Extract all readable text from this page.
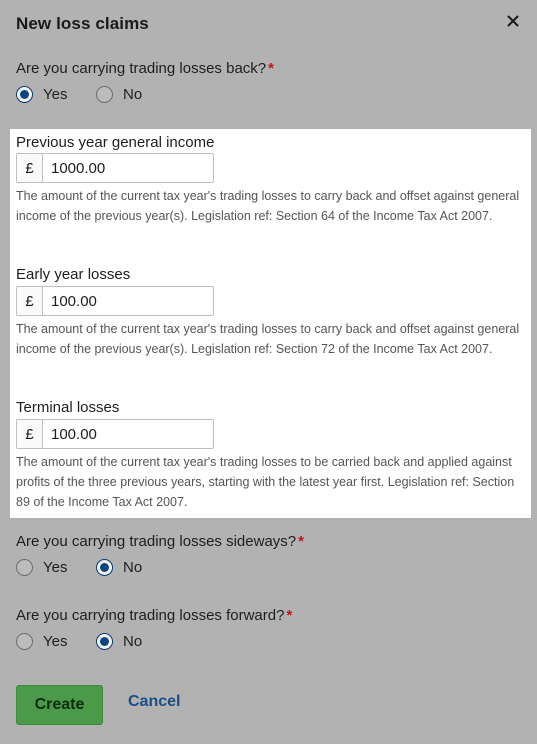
New loss claims
Are you carrying trading losses back? *
Yes	No
Previous year general income
£
1000.00
The amount of the current tax year's trading losses to carry back and offset against general income of the previous year(s). Legislation ref: Section 64 of the Income Tax Act 2007.
Early year losses
£
100.00
The amount of the current tax year's trading losses to carry back and offset against general income of the previous year(s). Legislation ref: Section 72 of the Income Tax Act 2007.
Terminal losses
£
100.00
The amount of the current tax year's trading losses to be carried back and applied against profits of the three previous years, starting with the latest year first. Legislation ref: Section 89 of the Income Tax Act 2007.
Are you carrying trading losses sideways? *
Yes	No
Are you carrying trading losses forward? *
Yes	No
Create	Cancel
